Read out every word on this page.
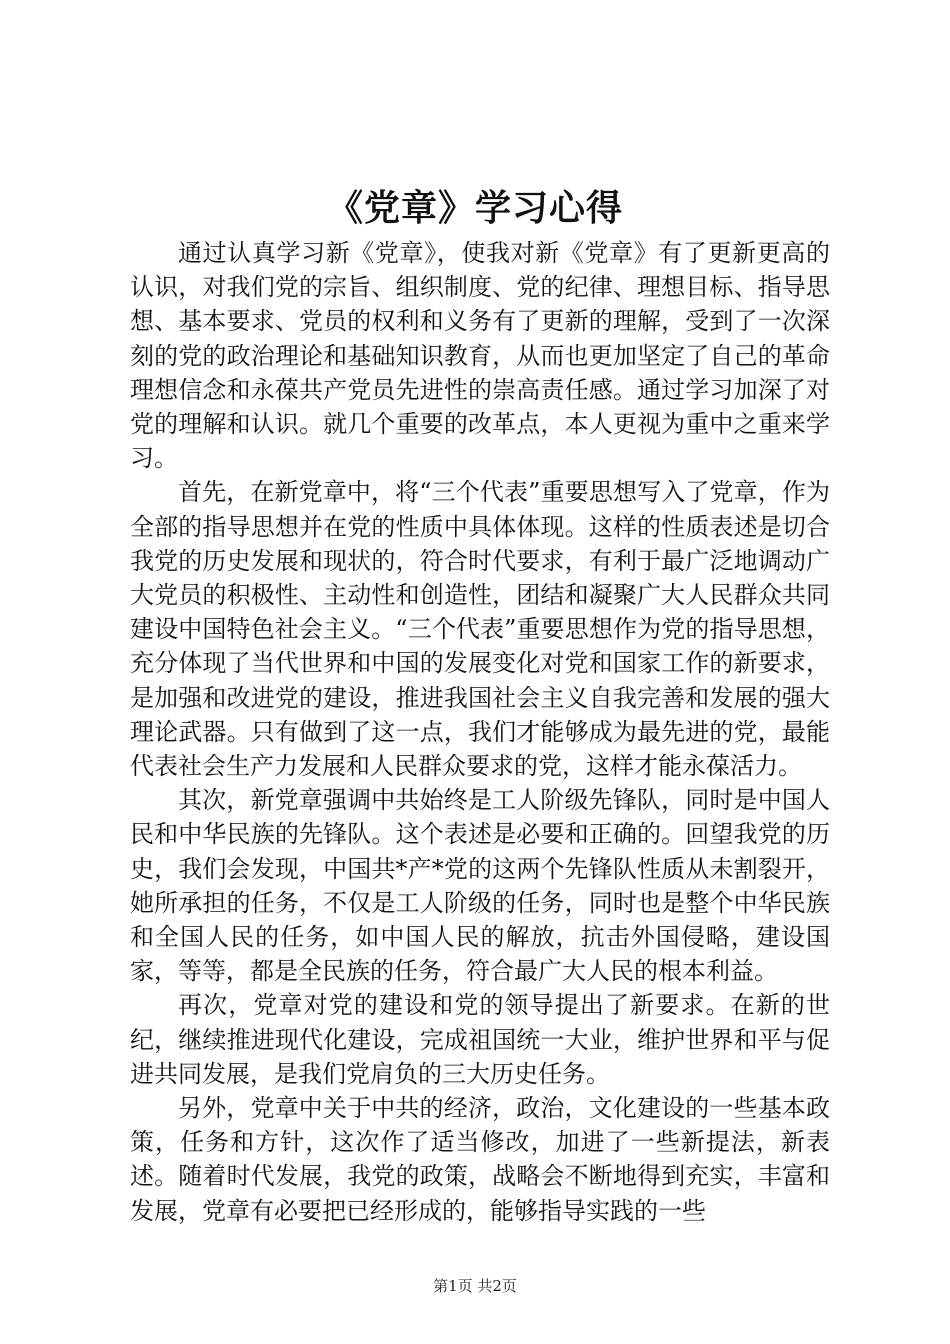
《党章》学习心得

通过认真学习新《党章》，使我对新《党章》有了更新更高的认识，对我们党的宗旨、组织制度、党的纪律、理想目标、指导思想、基本要求、党员的权利和义务有了更新的理解，受到了一次深刻的党的政治理论和基础知识教育，从而也更加坚定了自己的革命理想信念和永葆共产党员先进性的崇高责任感。通过学习加深了对党的理解和认识。就几个重要的改革点，本人更视为重中之重来学习。

首先，在新党章中，将“三个代表”重要思想写入了党章，作为全部的指导思想并在党的性质中具体体现。这样的性质表述是切合我党的历史发展和现状的，符合时代要求，有利于最广泛地调动广大党员的积极性、主动性和创造性，团结和凝聚广大人民群众共同建设中国特色社会主义。“三个代表”重要思想作为党的指导思想，充分体现了当代世界和中国的发展变化对党和国家工作的新要求，是加强和改进党的建设，推进我国社会主义自我完善和发展的强大理论武器。只有做到了这一点，我们才能够成为最先进的党，最能代表社会生产力发展和人民群众要求的党，这样才能永葆活力。

其次，新党章强调中共始终是工人阶级先锋队，同时是中国人民和中华民族的先锋队。这个表述是必要和正确的。回望我党的历史，我们会发现，中国共*产*党的这两个先锋队性质从未割裂开，她所承担的任务，不仅是工人阶级的任务，同时也是整个中华民族和全国人民的任务，如中国人民的解放，抗击外国侵略，建设国家，等等，都是全民族的任务，符合最广大人民的根本利益。

再次，党章对党的建设和党的领导提出了新要求。在新的世纪，继续推进现代化建设，完成祖国统一大业，维护世界和平与促进共同发展，是我们党肩负的三大历史任务。

另外，党章中关于中共的经济，政治，文化建设的一些基本政策，任务和方针，这次作了适当修改，加进了一些新提法，新表述。随着时代发展，我党的政策，战略会不断地得到充实，丰富和发展，党章有必要把已经形成的，能够指导实践的一些

第1页 共2页
